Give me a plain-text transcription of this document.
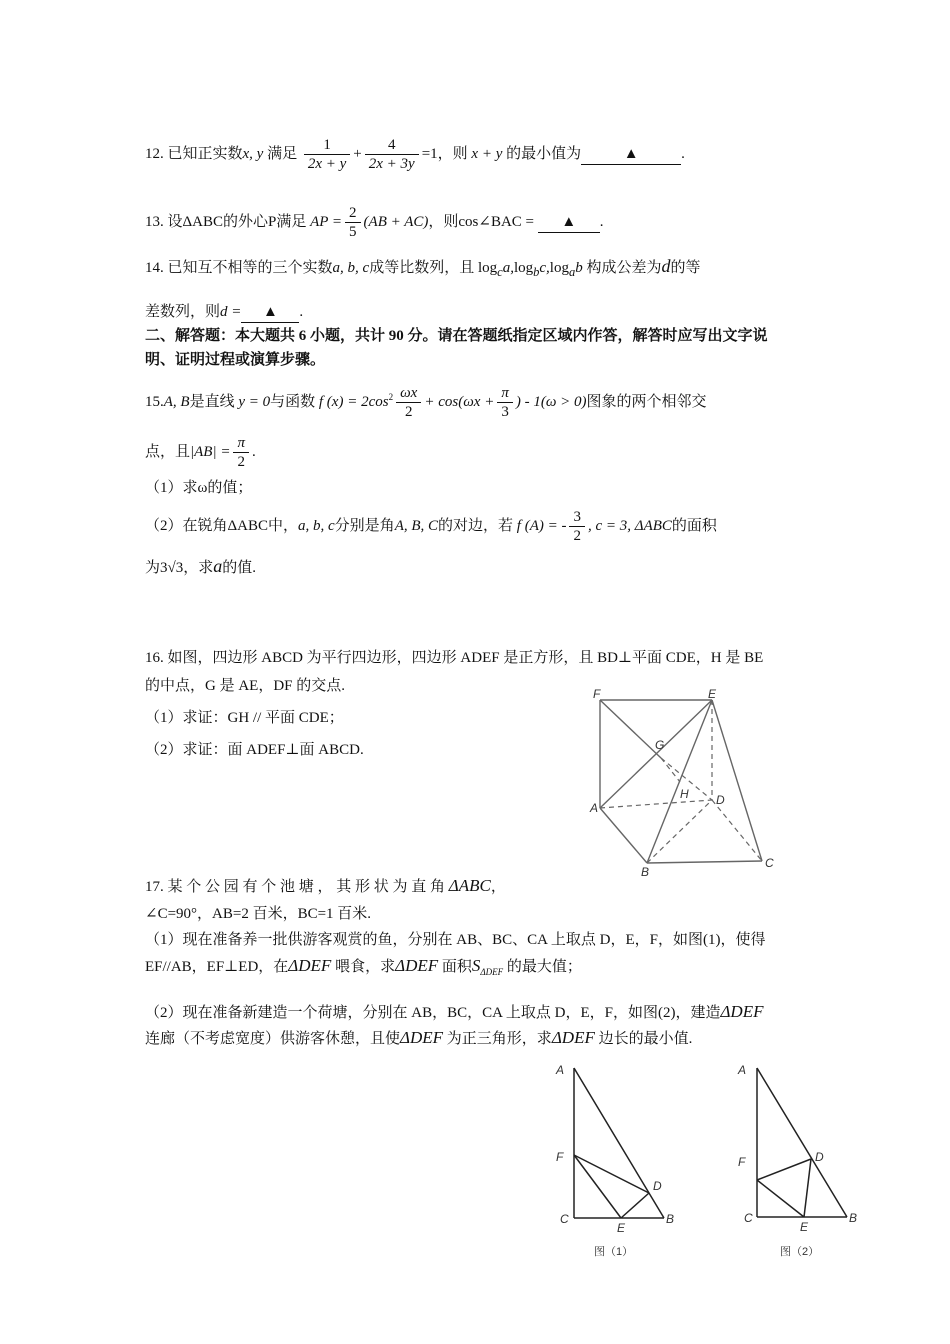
12. 已知正实数x, y 满足 $\frac{1}{2x + y} + \frac{4}{2x + 3y} =1$，则 x + y 的最小值为	▲	.
13. 设ΔABC的外心P满足 AP = $\frac{2}{5} (AB + AC)$，则cos∠BAC = ▲ .
14. 已知互不相等的三个实数a, b, c成等比数列，且 $\log_ca,\log_bc,\log_ab$ 构成公差为d的等
差数列，则d = ▲ .
二、解答题：本大题共 6 小题，共计 90 分。请在答题纸指定区域内作答，解答时应写出文字说
明、证明过程或演算步骤。
15.A, B是直线 y = 0与函数 f $(x) = 2\cos^2 \frac{\omega x}{2} + \cos(\omega x + \frac{\pi}{3}$ ) - 1(ω > 0)图象的两个相邻交
点，且$|AB| = \frac{\pi}{2}$ .
（1）求ω的值；
（2）在锐角ΔABC中，a, b, c分别是角A, B, C的对边，若 f (A) = - $\frac{3}{2}$ , c = 3, ΔABC的面积
为3√3，求a的值.
16. 如图，四边形 ABCD 为平行四边形，四边形 ADEF 是正方形，且 BD⊥平面 CDE，H 是 BE
的中点，G 是 AE，DF 的交点.
（1）求证：GH // 平面 CDE；
（2）求证：面 ADEF⊥面 ABCD.
F	E
G
H
A
D
B
C
17. 某 个 公 园 有 个 池 塘 ， 其 形 状 为 直 角 ΔABC，
∠C=90°，AB=2 百米，BC=1 百米.
（1）现在准备养一批供游客观赏的鱼，分别在 AB、BC、CA 上取点 D，E，F，如图(1)，使得
EF//AB，EF⊥ED，在ΔDEF 喂食，求ΔDEF 面积$S_{\Delta DEF}$ 的最大值；
（2）现在准备新建造一个荷塘，分别在 AB，BC，CA 上取点 D，E，F，如图(2)，建造ΔDEF
连廊（不考虑宽度）供游客休憩，且使ΔDEF 为正三角形，求ΔDEF 边长的最小值.
A
F
C
E
D
B
图（1）
A
F
C
E
D
B
图（2）
